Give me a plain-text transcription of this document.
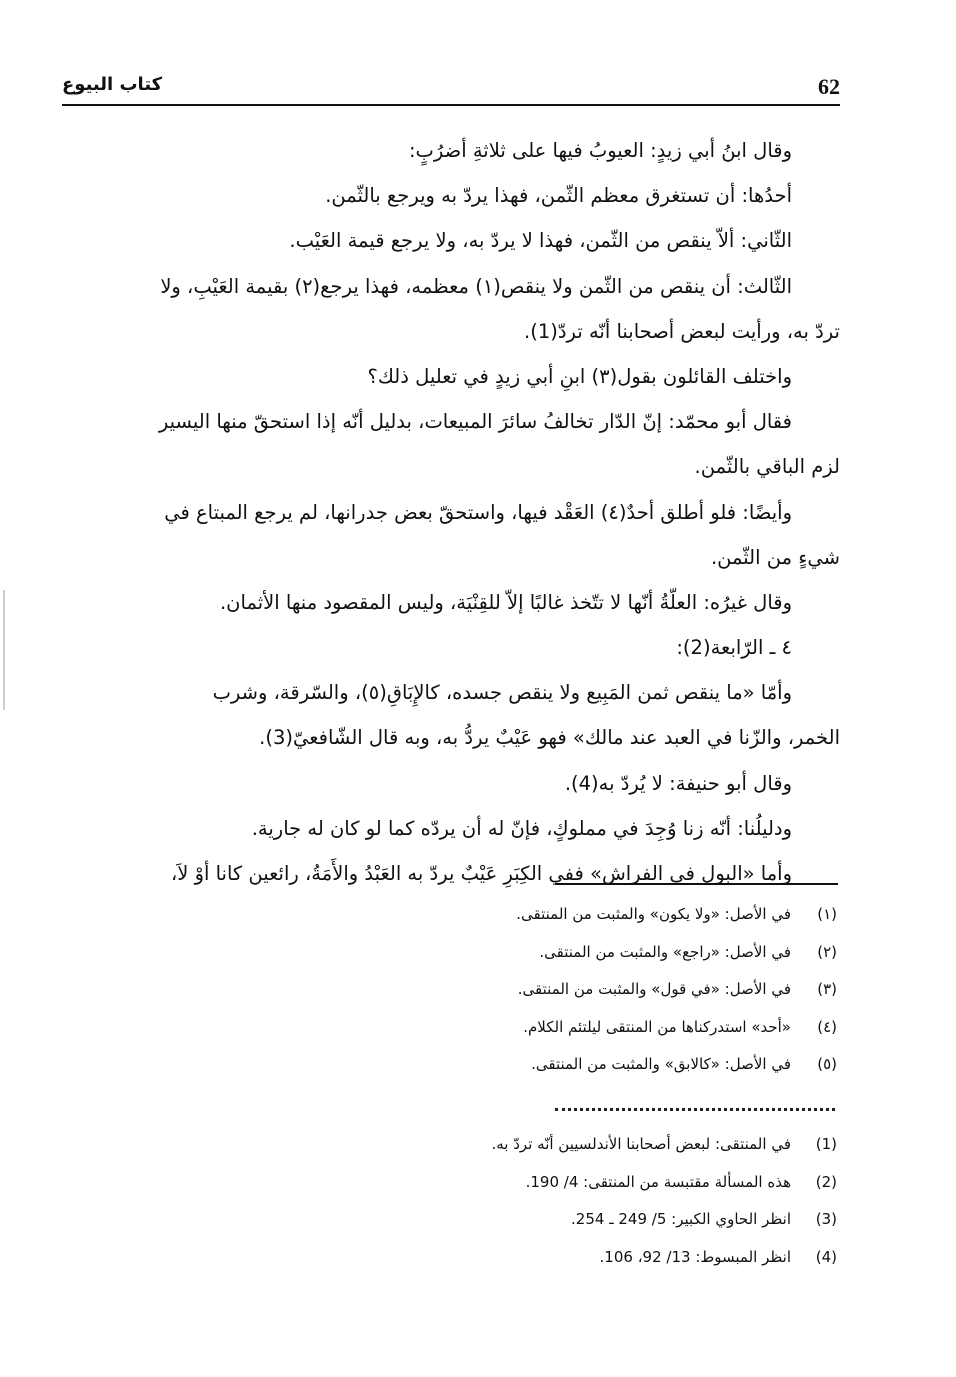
62
كتاب البيوع
وقال ابنُ أبي زيدٍ: العيوبُ فيها على ثلاثةِ أضرُبٍ:
أحدُها: أن تستغرق معظم الثّمن، فهذا يردّ به ويرجع بالثّمن.
الثّاني: ألاّ ينقص من الثّمن، فهذا لا يردّ به، ولا يرجع قيمة العَيْب.
الثّالث: أن ينقص من الثّمن ولا ينقص(١) معظمه، فهذا يرجع(٢) بقيمة العَيْبِ، ولا
تردّ به، ورأيت لبعض أصحابنا أنّه تردّ(1).
واختلف القائلون بقول(٣) ابنِ أبي زيدٍ في تعليل ذلك؟
فقال أبو محمّد: إنّ الدّار تخالفُ سائرَ المبيعات، بدليل أنّه إذا استحقّ منها اليسير
لزم الباقي بالثّمن.
وأيضًا: فلو أطلق أحدٌ(٤) العَقْد فيها، واستحقّ بعض جدرانها، لم يرجع المبتاع في
شيءٍ من الثّمن.
وقال غيرُه: العلّةُ أنّها لا تتّخذ غالبًا إلاّ للقِنْيَة، وليس المقصود منها الأثمان.
٤ ـ الرّابعة(2):
وأمّا «ما ينقص ثمن المَبِيع ولا ينقص جسده، كالإِبَاقِ(٥)، والسّرقة، وشرب
الخمر، والزّنا في العبد عند مالك» فهو عَيْبٌ يردُّ به، وبه قال الشّافعيّ(3).
وقال أبو حنيفة: لا يُردّ به(4).
ودليلُنا: أنّه زنا وُجِدَ في مملوكٍ، فإنّ له أن يردّه كما لو كان له جارية.
وأما «البول في الفراش» ففي الكِبَرِ عَيْبٌ يردّ به العَبْدُ والأَمَةُ، رائعين كانا أوْ لاَ،
(١)
في الأصل: «ولا يكون» والمثبت من المنتقى.
(٢)
في الأصل: «راجع» والمثبت من المنتقى.
(٣)
في الأصل: «في قول» والمثبت من المنتقى.
(٤)
«أحد» استدركناها من المنتقى ليلتئم الكلام.
(٥)
في الأصل: «كالابق» والمثبت من المنتقى.
(1)
في المنتقى: لبعض أصحابنا الأندلسيين أنّه تردّ به.
(2)
هذه المسألة مقتبسة من المنتقى: 4/ 190.
(3)
انظر الحاوي الكبير: 5/ 249 ـ 254.
(4)
انظر المبسوط: 13/ 92، 106.
